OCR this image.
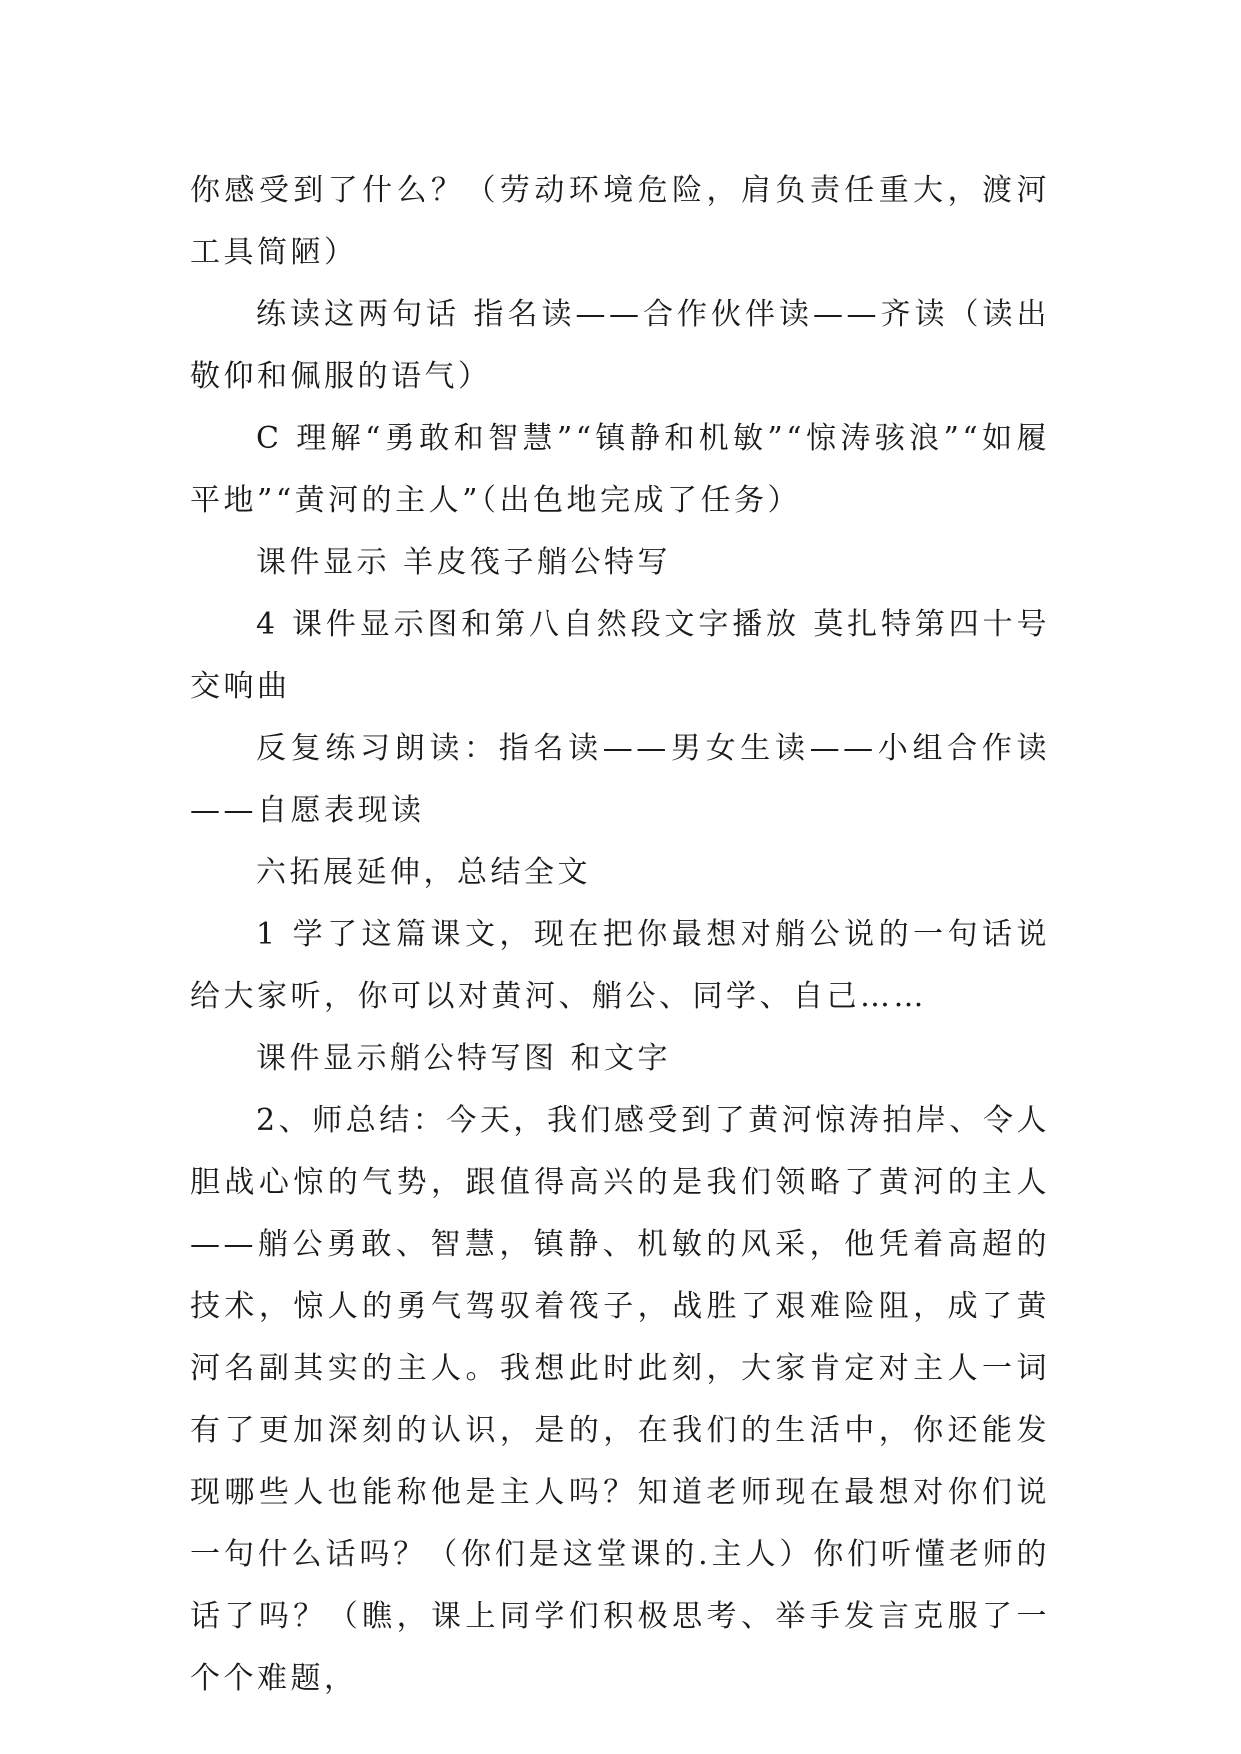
你感受到了什么？（劳动环境危险，肩负责任重大，渡河工具简陋）

练读这两句话 指名读——合作伙伴读——齐读（读出敬仰和佩服的语气）

C 理解“勇敢和智慧”“镇静和机敏”“惊涛骇浪”“如履平地”“黄河的主人”（出色地完成了任务）

课件显示 羊皮筏子艄公特写

4 课件显示图和第八自然段文字播放 莫扎特第四十号交响曲

反复练习朗读：指名读——男女生读——小组合作读——自愿表现读

六拓展延伸，总结全文

1 学了这篇课文，现在把你最想对艄公说的一句话说给大家听，你可以对黄河、艄公、同学、自己……

课件显示艄公特写图 和文字

2、师总结：今天，我们感受到了黄河惊涛拍岸、令人胆战心惊的气势，跟值得高兴的是我们领略了黄河的主人——艄公勇敢、智慧，镇静、机敏的风采，他凭着高超的技术，惊人的勇气驾驭着筏子，战胜了艰难险阻，成了黄河名副其实的主人。我想此时此刻，大家肯定对主人一词有了更加深刻的认识，是的，在我们的生活中，你还能发现哪些人也能称他是主人吗？知道老师现在最想对你们说一句什么话吗？（你们是这堂课的.主人）你们听懂老师的话了吗？（瞧，课上同学们积极思考、举手发言克服了一个个难题，
